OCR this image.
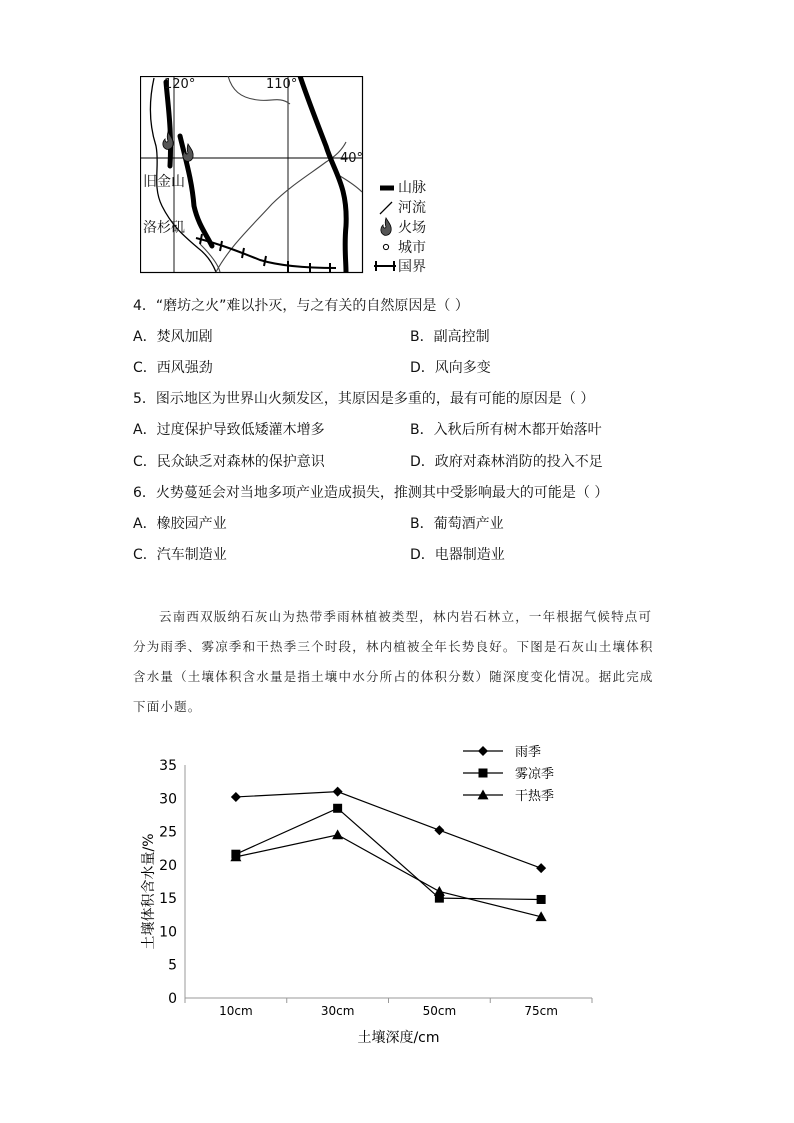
120°	110°
40°
旧金山
洛杉矶
山脉
河流
火场
城市
国界
4．“磨坊之火”难以扑灭，与之有关的自然原因是（ ）
A．焚风加剧	B．副高控制
C．西风强劲	D．风向多变
5．图示地区为世界山火频发区，其原因是多重的，最有可能的原因是（ ）
A．过度保护导致低矮灌木增多	B．入秋后所有树木都开始落叶
C．民众缺乏对森林的保护意识	D．政府对森林消防的投入不足
6．火势蔓延会对当地多项产业造成损失，推测其中受影响最大的可能是（ ）
A．橡胶园产业	B．葡萄酒产业
C．汽车制造业	D．电器制造业
云南西双版纳石灰山为热带季雨林植被类型，林内岩石林立，一年根据气候特点可
分为雨季、雾凉季和干热季三个时段，林内植被全年长势良好。下图是石灰山土壤体积
含水量（土壤体积含水量是指土壤中水分所占的体积分数）随深度变化情况。据此完成
下面小题。
0
5
10
15
20
25
30
35
10cm	30cm	50cm	75cm
土壤深度/cm
土壤体积含水量/%
雨季
雾凉季
干热季
